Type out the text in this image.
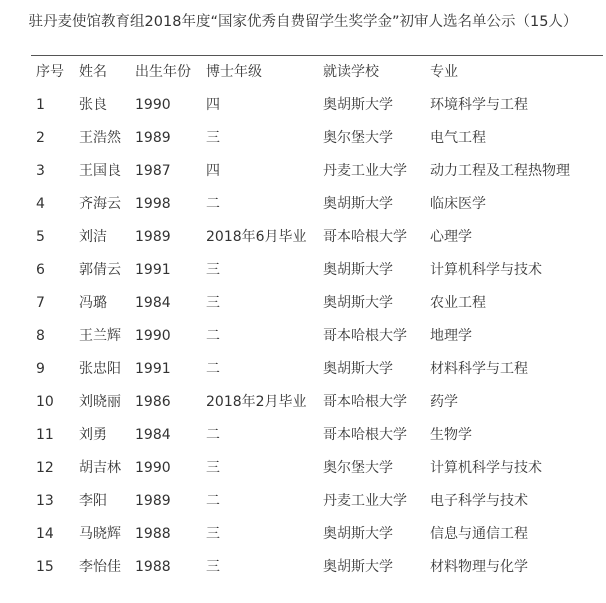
驻丹麦使馆教育组2018年度“国家优秀自费留学生奖学金”初审人选名单公示（15人）
序号 姓名 出生年份 博士年级	就读学校	专业
1 张良 1990	四	奥胡斯大学	环境科学与工程
2 王浩然 1989	三	奥尔堡大学	电气工程
3 王国良 1987	四	丹麦工业大学 动力工程及工程热物理
4 齐海云 1998	二	奥胡斯大学	临床医学
5 刘洁 1989	2018年6月毕业 哥本哈根大学 心理学
6 郭倩云 1991	三	奥胡斯大学	计算机科学与技术
7 冯璐 1984	三	奥胡斯大学	农业工程
8 王兰辉 1990	二	哥本哈根大学 地理学
9 张忠阳 1991	二	奥胡斯大学	材料科学与工程
10 刘晓丽 1986	2018年2月毕业 哥本哈根大学 药学
11 刘勇 1984	二	哥本哈根大学 生物学
12 胡吉林 1990	三	奥尔堡大学	计算机科学与技术
13 李阳 1989	二	丹麦工业大学 电子科学与技术
14 马晓辉 1988	三	奥胡斯大学	信息与通信工程
15 李怡佳 1988	三	奥胡斯大学	材料物理与化学
